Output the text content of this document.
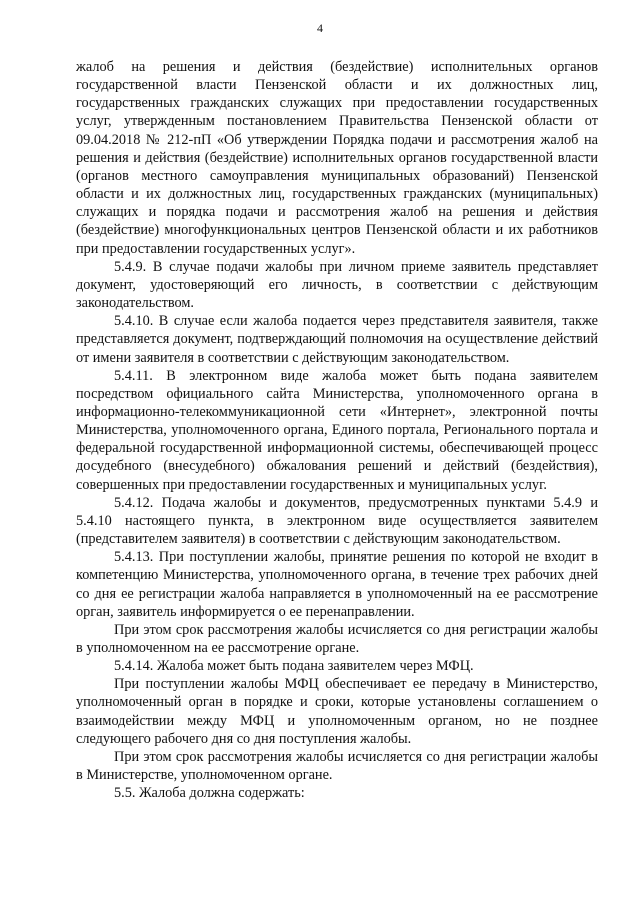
4

жалоб на решения и действия (бездействие) исполнительных органов государственной власти Пензенской области и их должностных лиц, государственных гражданских служащих при предоставлении государственных услуг, утвержденным постановлением Правительства Пензенской области от 09.04.2018 № 212-пП «Об утверждении Порядка подачи и рассмотрения жалоб на решения и действия (бездействие) исполнительных органов государственной власти (органов местного самоуправления муниципальных образований) Пензенской области и их должностных лиц, государственных гражданских (муниципальных) служащих и порядка подачи и рассмотрения жалоб на решения и действия (бездействие) многофункциональных центров Пензенской области и их работников при предоставлении государственных услуг».

5.4.9. В случае подачи жалобы при личном приеме заявитель представляет документ, удостоверяющий его личность, в соответствии с действующим законодательством.

5.4.10. В случае если жалоба подается через представителя заявителя, также представляется документ, подтверждающий полномочия на осуществление действий от имени заявителя в соответствии с действующим законодательством.

5.4.11. В электронном виде жалоба может быть подана заявителем посредством официального сайта Министерства, уполномоченного органа в информационно-телекоммуникационной сети «Интернет», электронной почты Министерства, уполномоченного органа, Единого портала, Регионального портала и федеральной государственной информационной системы, обеспечивающей процесс досудебного (внесудебного) обжалования решений и действий (бездействия), совершенных при предоставлении государственных и муниципальных услуг.

5.4.12. Подача жалобы и документов, предусмотренных пунктами 5.4.9 и 5.4.10 настоящего пункта, в электронном виде осуществляется заявителем (представителем заявителя) в соответствии с действующим законодательством.

5.4.13. При поступлении жалобы, принятие решения по которой не входит в компетенцию Министерства, уполномоченного органа, в течение трех рабочих дней со дня ее регистрации жалоба направляется в уполномоченный на ее рассмотрение орган, заявитель информируется о ее перенаправлении.

При этом срок рассмотрения жалобы исчисляется со дня регистрации жалобы в уполномоченном на ее рассмотрение органе.

5.4.14. Жалоба может быть подана заявителем через МФЦ.

При поступлении жалобы МФЦ обеспечивает ее передачу в Министерство, уполномоченный орган в порядке и сроки, которые установлены соглашением о взаимодействии между МФЦ и уполномоченным органом, но не позднее следующего рабочего дня со дня поступления жалобы.

При этом срок рассмотрения жалобы исчисляется со дня регистрации жалобы в Министерстве, уполномоченном органе.

5.5. Жалоба должна содержать:
